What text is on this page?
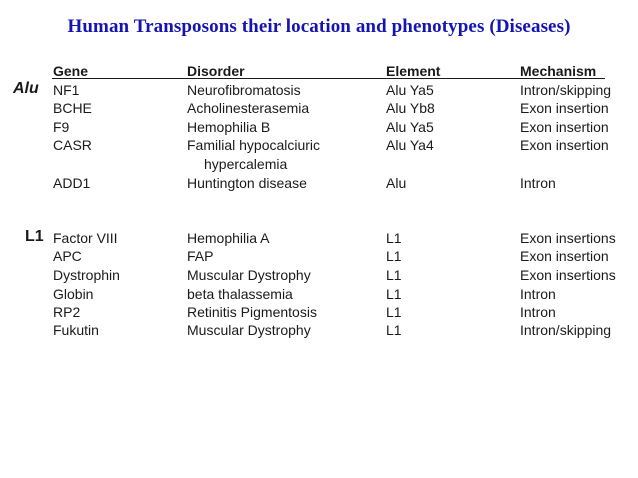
Human Transposons their location and phenotypes (Diseases)
Gene	Disorder	Element	Mechanism
Alu NF1	Neurofibromatosis	Alu Ya5	Intron/skipping
BCHE	Acholinesterasemia	Alu Yb8	Exon insertion
F9	Hemophilia B	Alu Ya5	Exon insertion
CASR	Familial hypocalciuric	Alu Ya4	Exon insertion
hypercalemia
ADD1	Huntington disease	Alu	Intron
L1 Factor VIII	Hemophilia A	L1	Exon insertions
APC	FAP	L1	Exon insertion
Dystrophin	Muscular Dystrophy	L1	Exon insertions
Globin	beta thalassemia	L1	Intron
RP2	Retinitis Pigmentosis	L1	Intron
Fukutin	Muscular Dystrophy	L1	Intron/skipping
